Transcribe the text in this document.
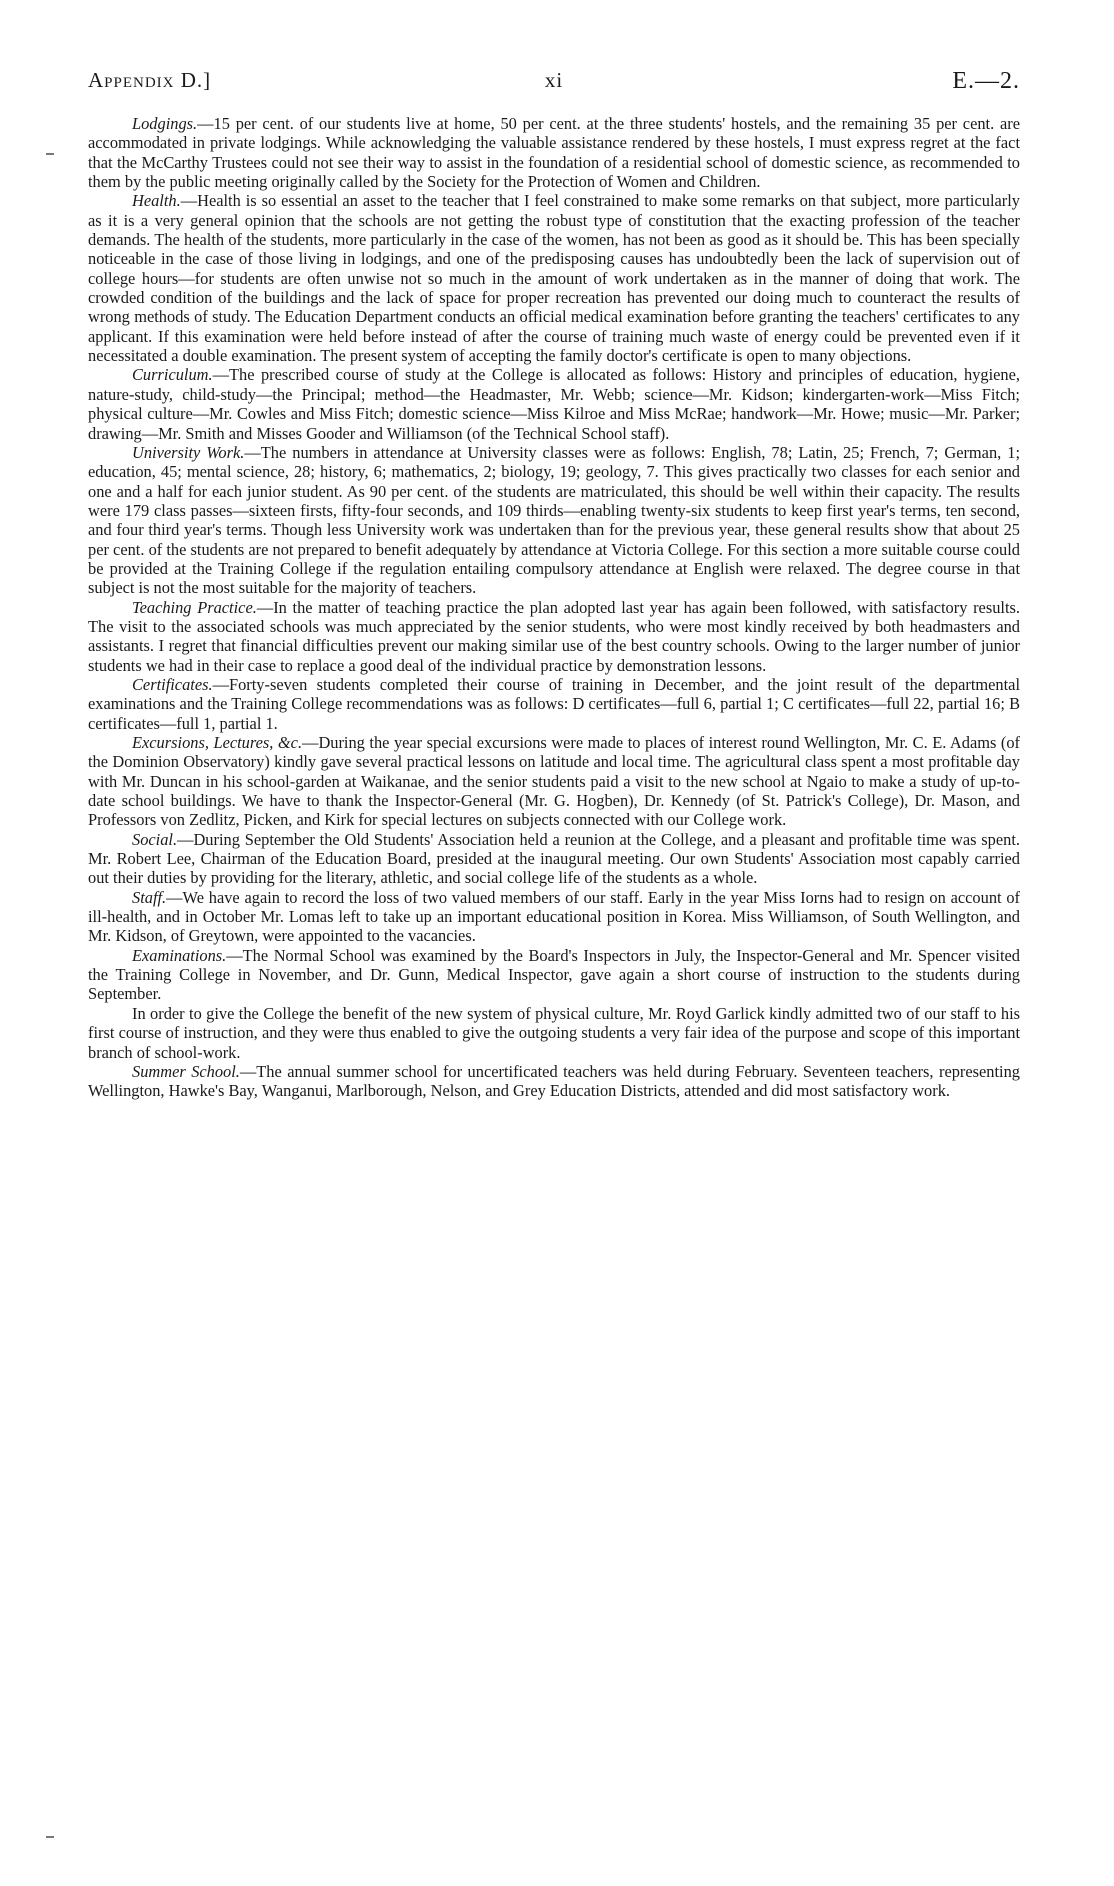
Appendix D.]	xi	E.—2.

Lodgings.—15 per cent. of our students live at home, 50 per cent. at the three students' hostels, and the remaining 35 per cent. are accommodated in private lodgings. While acknowledging the valuable assistance rendered by these hostels, I must express regret at the fact that the McCarthy Trustees could not see their way to assist in the foundation of a residential school of domestic science, as recommended to them by the public meeting originally called by the Society for the Protection of Women and Children.

Health.—Health is so essential an asset to the teacher that I feel constrained to make some remarks on that subject, more particularly as it is a very general opinion that the schools are not getting the robust type of constitution that the exacting profession of the teacher demands. The health of the students, more particularly in the case of the women, has not been as good as it should be. This has been specially noticeable in the case of those living in lodgings, and one of the predisposing causes has undoubtedly been the lack of supervision out of college hours—for students are often unwise not so much in the amount of work undertaken as in the manner of doing that work. The crowded condition of the buildings and the lack of space for proper recreation has prevented our doing much to counteract the results of wrong methods of study. The Education Department conducts an official medical examination before granting the teachers' certificates to any applicant. If this examination were held before instead of after the course of training much waste of energy could be prevented even if it necessitated a double examination. The present system of accepting the family doctor's certificate is open to many objections.

Curriculum.—The prescribed course of study at the College is allocated as follows: History and principles of education, hygiene, nature-study, child-study—the Principal; method—the Headmaster, Mr. Webb; science—Mr. Kidson; kindergarten-work—Miss Fitch; physical culture—Mr. Cowles and Miss Fitch; domestic science—Miss Kilroe and Miss McRae; handwork—Mr. Howe; music—Mr. Parker; drawing—Mr. Smith and Misses Gooder and Williamson (of the Technical School staff).

University Work.—The numbers in attendance at University classes were as follows: English, 78; Latin, 25; French, 7; German, 1; education, 45; mental science, 28; history, 6; mathematics, 2; biology, 19; geology, 7. This gives practically two classes for each senior and one and a half for each junior student. As 90 per cent. of the students are matriculated, this should be well within their capacity. The results were 179 class passes—sixteen firsts, fifty-four seconds, and 109 thirds—enabling twenty-six students to keep first year's terms, ten second, and four third year's terms. Though less University work was undertaken than for the previous year, these general results show that about 25 per cent. of the students are not prepared to benefit adequately by attendance at Victoria College. For this section a more suitable course could be provided at the Training College if the regulation entailing compulsory attendance at English were relaxed. The degree course in that subject is not the most suitable for the majority of teachers.

Teaching Practice.—In the matter of teaching practice the plan adopted last year has again been followed, with satisfactory results. The visit to the associated schools was much appreciated by the senior students, who were most kindly received by both headmasters and assistants. I regret that financial difficulties prevent our making similar use of the best country schools. Owing to the larger number of junior students we had in their case to replace a good deal of the individual practice by demonstration lessons.

Certificates.—Forty-seven students completed their course of training in December, and the joint result of the departmental examinations and the Training College recommendations was as follows: D certificates—full 6, partial 1; C certificates—full 22, partial 16; B certificates—full 1, partial 1.

Excursions, Lectures, &c.—During the year special excursions were made to places of interest round Wellington, Mr. C. E. Adams (of the Dominion Observatory) kindly gave several practical lessons on latitude and local time. The agricultural class spent a most profitable day with Mr. Duncan in his school-garden at Waikanae, and the senior students paid a visit to the new school at Ngaio to make a study of up-to-date school buildings. We have to thank the Inspector-General (Mr. G. Hogben), Dr. Kennedy (of St. Patrick's College), Dr. Mason, and Professors von Zedlitz, Picken, and Kirk for special lectures on subjects connected with our College work.

Social.—During September the Old Students' Association held a reunion at the College, and a pleasant and profitable time was spent. Mr. Robert Lee, Chairman of the Education Board, presided at the inaugural meeting. Our own Students' Association most capably carried out their duties by providing for the literary, athletic, and social college life of the students as a whole.

Staff.—We have again to record the loss of two valued members of our staff. Early in the year Miss Iorns had to resign on account of ill-health, and in October Mr. Lomas left to take up an important educational position in Korea. Miss Williamson, of South Wellington, and Mr. Kidson, of Greytown, were appointed to the vacancies.

Examinations.—The Normal School was examined by the Board's Inspectors in July, the Inspector-General and Mr. Spencer visited the Training College in November, and Dr. Gunn, Medical Inspector, gave again a short course of instruction to the students during September.

In order to give the College the benefit of the new system of physical culture, Mr. Royd Garlick kindly admitted two of our staff to his first course of instruction, and they were thus enabled to give the outgoing students a very fair idea of the purpose and scope of this important branch of school-work.

Summer School.—The annual summer school for uncertificated teachers was held during February. Seventeen teachers, representing Wellington, Hawke's Bay, Wanganui, Marlborough, Nelson, and Grey Education Districts, attended and did most satisfactory work.
